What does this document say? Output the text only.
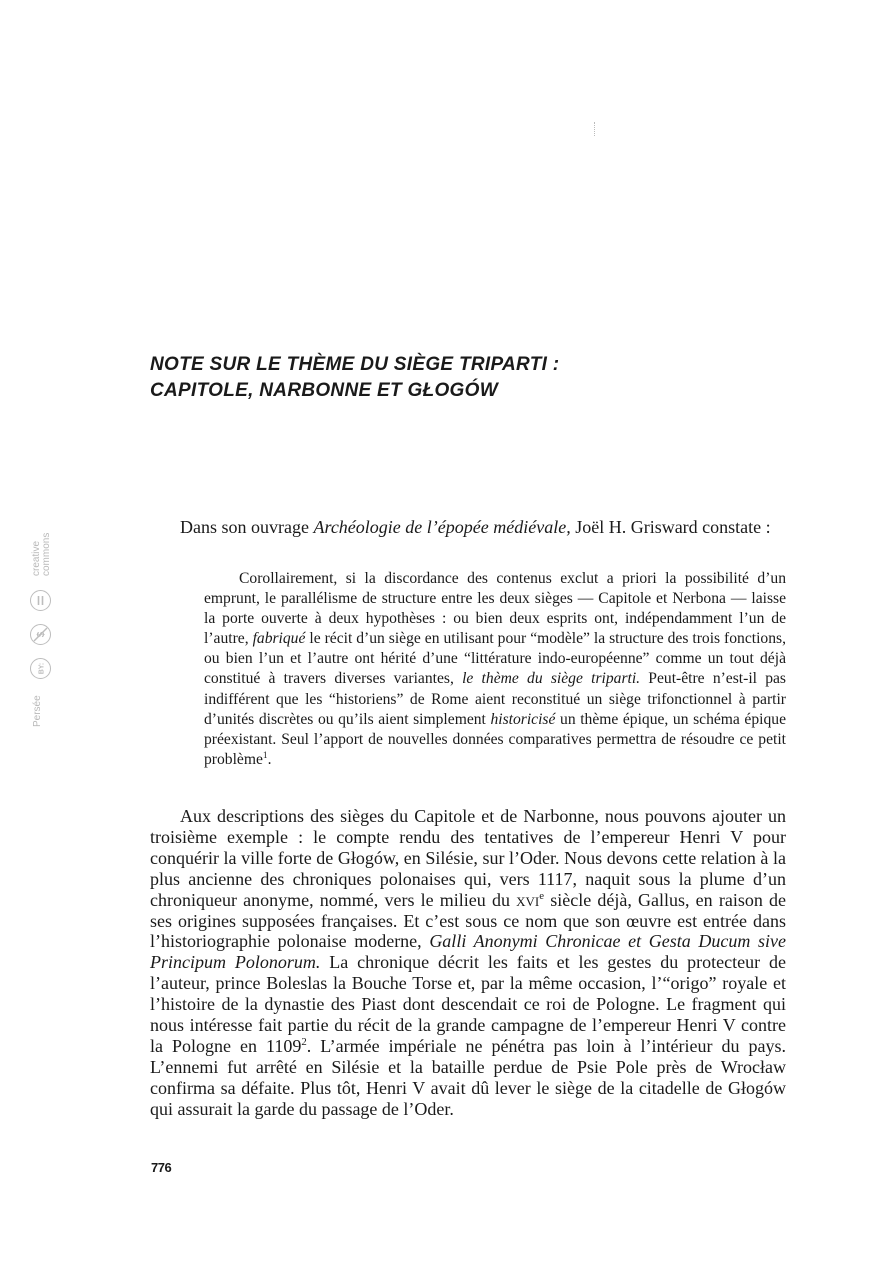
NOTE SUR LE THÈME DU SIÈGE TRIPARTI :
CAPITOLE, NARBONNE ET GŁOGÓW

Dans son ouvrage Archéologie de l’épopée médiévale, Joël H. Grisward constate :

Corollairement, si la discordance des contenus exclut a priori la possibilité d’un emprunt, le parallélisme de structure entre les deux sièges — Capitole et Nerbona — laisse la porte ouverte à deux hypothèses : ou bien deux esprits ont, indépendamment l’un de l’autre, fabriqué le récit d’un siège en utilisant pour “modèle” la structure des trois fonctions, ou bien l’un et l’autre ont hérité d’une “littérature indo-européenne” comme un tout déjà constitué à travers diverses variantes, le thème du siège triparti. Peut-être n’est-il pas indifférent que les “historiens” de Rome aient reconstitué un siège trifonctionnel à partir d’unités discrètes ou qu’ils aient simplement historicisé un thème épique, un schéma épique préexistant. Seul l’apport de nouvelles données comparatives permettra de résoudre ce petit problème$^1$.

Aux descriptions des sièges du Capitole et de Narbonne, nous pouvons ajouter un troisième exemple : le compte rendu des tentatives de l’empereur Henri V pour conquérir la ville forte de Głogów, en Silésie, sur l’Oder. Nous devons cette relation à la plus ancienne des chroniques polonaises qui, vers 1117, naquit sous la plume d’un chroniqueur anonyme, nommé, vers le milieu du xvi$^e$ siècle déjà, Gallus, en raison de ses origines supposées françaises. Et c’est sous ce nom que son œuvre est entrée dans l’historiographie polonaise moderne, Galli Anonymi Chronicae et Gesta Ducum sive Principum Polonorum. La chronique décrit les faits et les gestes du protecteur de l’auteur, prince Boleslas la Bouche Torse et, par la même occasion, l’“origo” royale et l’histoire de la dynastie des Piast dont descendait ce roi de Pologne. Le fragment qui nous intéresse fait partie du récit de la grande campagne de l’empereur Henri V contre la Pologne en 1109$^2$. L’armée impériale ne pénétra pas loin à l’intérieur du pays. L’ennemi fut arrêté en Silésie et la bataille perdue de Psie Pole près de Wrocław confirma sa défaite. Plus tôt, Henri V avait dû lever le siège de la citadelle de Głogów qui assurait la garde du passage de l’Oder.

776
creative commons
$
BY:
Persée
